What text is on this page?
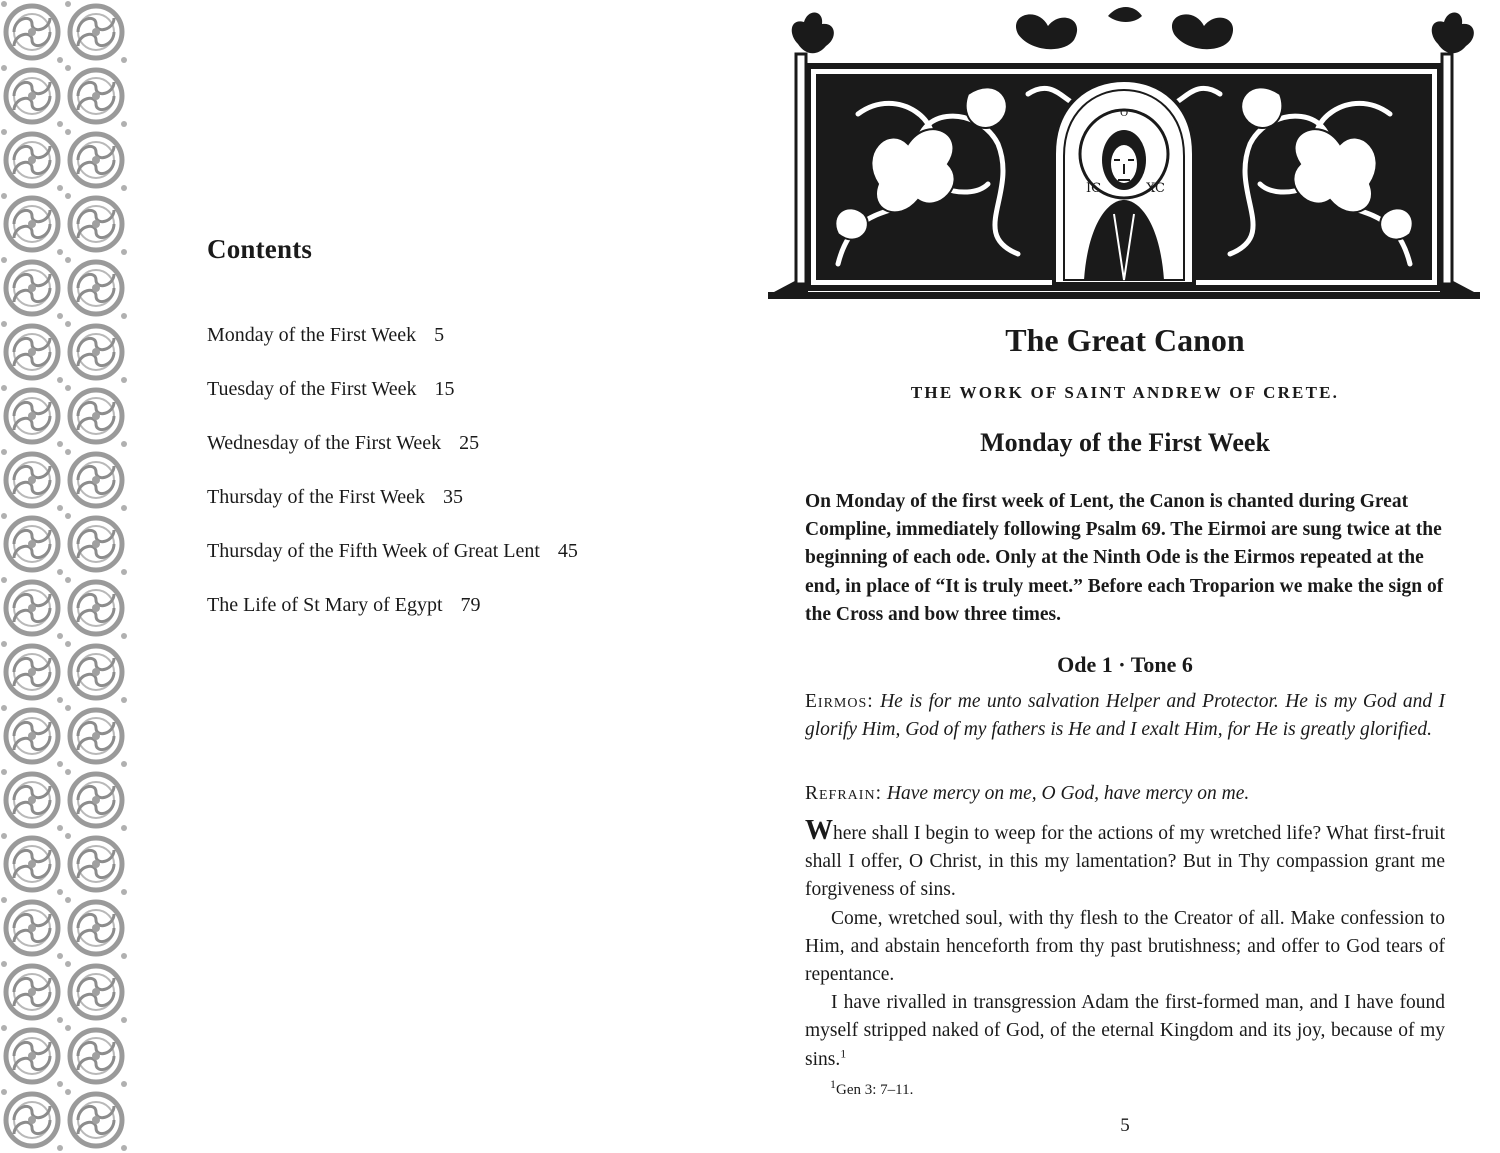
Contents
Monday of the First Week 5
Tuesday of the First Week 15
Wednesday of the First Week 25
Thursday of the First Week 35
Thursday of the Fifth Week of Great Lent 45
The Life of St Mary of Egypt 79
IC	XC
O
The Great Canon
THE WORK OF SAINT ANDREW OF CRETE.
Monday of the First Week

On Monday of the first week of Lent, the Canon is chanted during Great Compline, immediately following Psalm 69. The Eirmoi are sung twice at the beginning of each ode. Only at the Ninth Ode is the Eirmos repeated at the end, in place of “It is truly meet.” Before each Troparion we make the sign of the Cross and bow three times.

Ode 1 · Tone 6

Eirmos: He is for me unto salvation Helper and Protector. He is my God and I glorify Him, God of my fathers is He and I exalt Him, for He is greatly glorified.

Refrain: Have mercy on me, O God, have mercy on me.

Where shall I begin to weep for the actions of my wretched life? What first-fruit shall I offer, O Christ, in this my lamentation? But in Thy compassion grant me forgiveness of sins.

Come, wretched soul, with thy flesh to the Creator of all. Make confession to Him, and abstain henceforth from thy past brutishness; and offer to God tears of repentance.

I have rivalled in transgression Adam the first-formed man, and I have found myself stripped naked of God, of the eternal Kingdom and its joy, because of my sins.$^1$

$^1$Gen 3: 7–11.
5
